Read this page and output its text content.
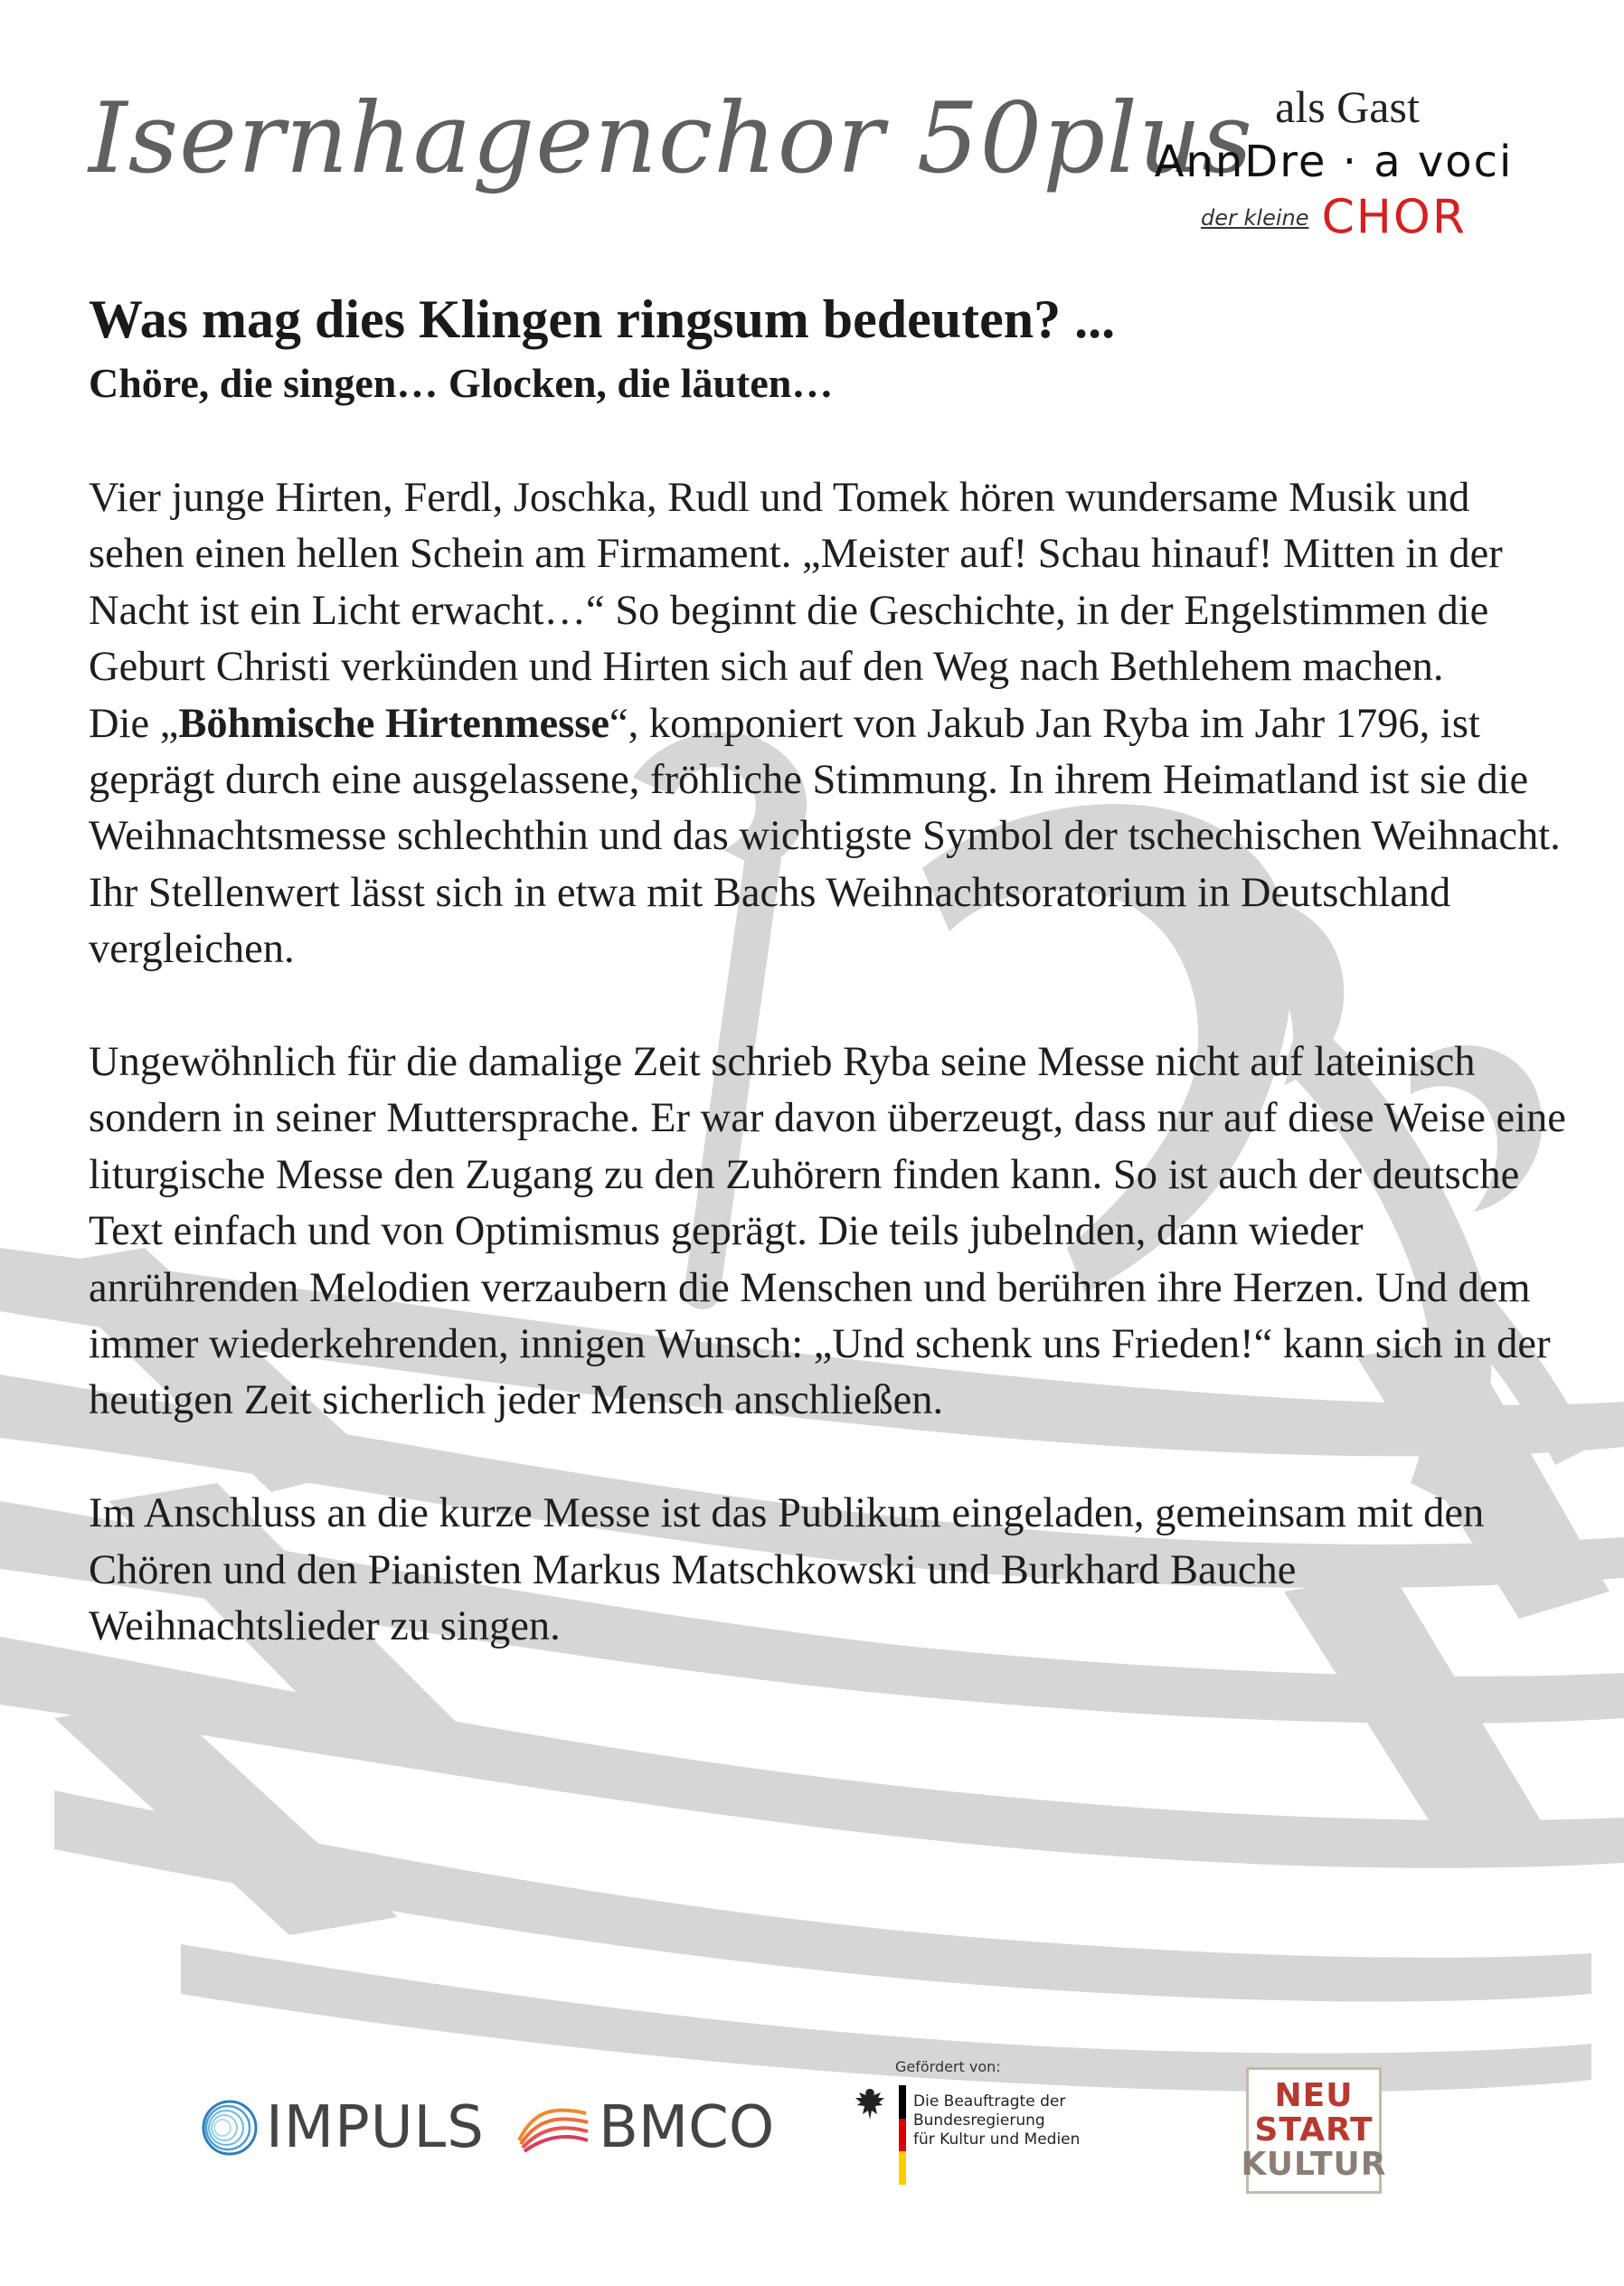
Isernhagenchor 50plus als Gast
AnnDre · a voci
der kleine CHOR
Was mag dies Klingen ringsum bedeuten? ...
Chöre, die singen… Glocken, die läuten…

Vier junge Hirten, Ferdl, Joschka, Rudl und Tomek hören wundersame Musik und sehen einen hellen Schein am Firmament. „Meister auf! Schau hinauf! Mitten in der Nacht ist ein Licht erwacht…“ So beginnt die Geschichte, in der Engelstimmen die Geburt Christi verkünden und Hirten sich auf den Weg nach Bethlehem machen.

Die „Böhmische Hirtenmesse“, komponiert von Jakub Jan Ryba im Jahr 1796, ist geprägt durch eine ausgelassene, fröhliche Stimmung. In ihrem Heimatland ist sie die Weihnachtsmesse schlechthin und das wichtigste Symbol der tschechischen Weihnacht.

Ihr Stellenwert lässt sich in etwa mit Bachs Weihnachtsoratorium in Deutschland vergleichen.

Ungewöhnlich für die damalige Zeit schrieb Ryba seine Messe nicht auf lateinisch sondern in seiner Muttersprache. Er war davon überzeugt, dass nur auf diese Weise eine liturgische Messe den Zugang zu den Zuhörern finden kann. So ist auch der deutsche Text einfach und von Optimismus geprägt. Die teils jubelnden, dann wieder anrührenden Melodien verzaubern die Menschen und berühren ihre Herzen. Und dem immer wiederkehrenden, innigen Wunsch: „Und schenk uns Frieden!“ kann sich in der heutigen Zeit sicherlich jeder Mensch anschließen.

Im Anschluss an die kurze Messe ist das Publikum eingeladen, gemeinsam mit den Chören und den Pianisten Markus Matschkowski und Burkhard Bauche Weihnachtslieder zu singen.

IMPULS BMCO
Gefördert von:
Die Beauftragte der Bundesregierung
für Kultur und Medien
NEU
START
KULTUR
